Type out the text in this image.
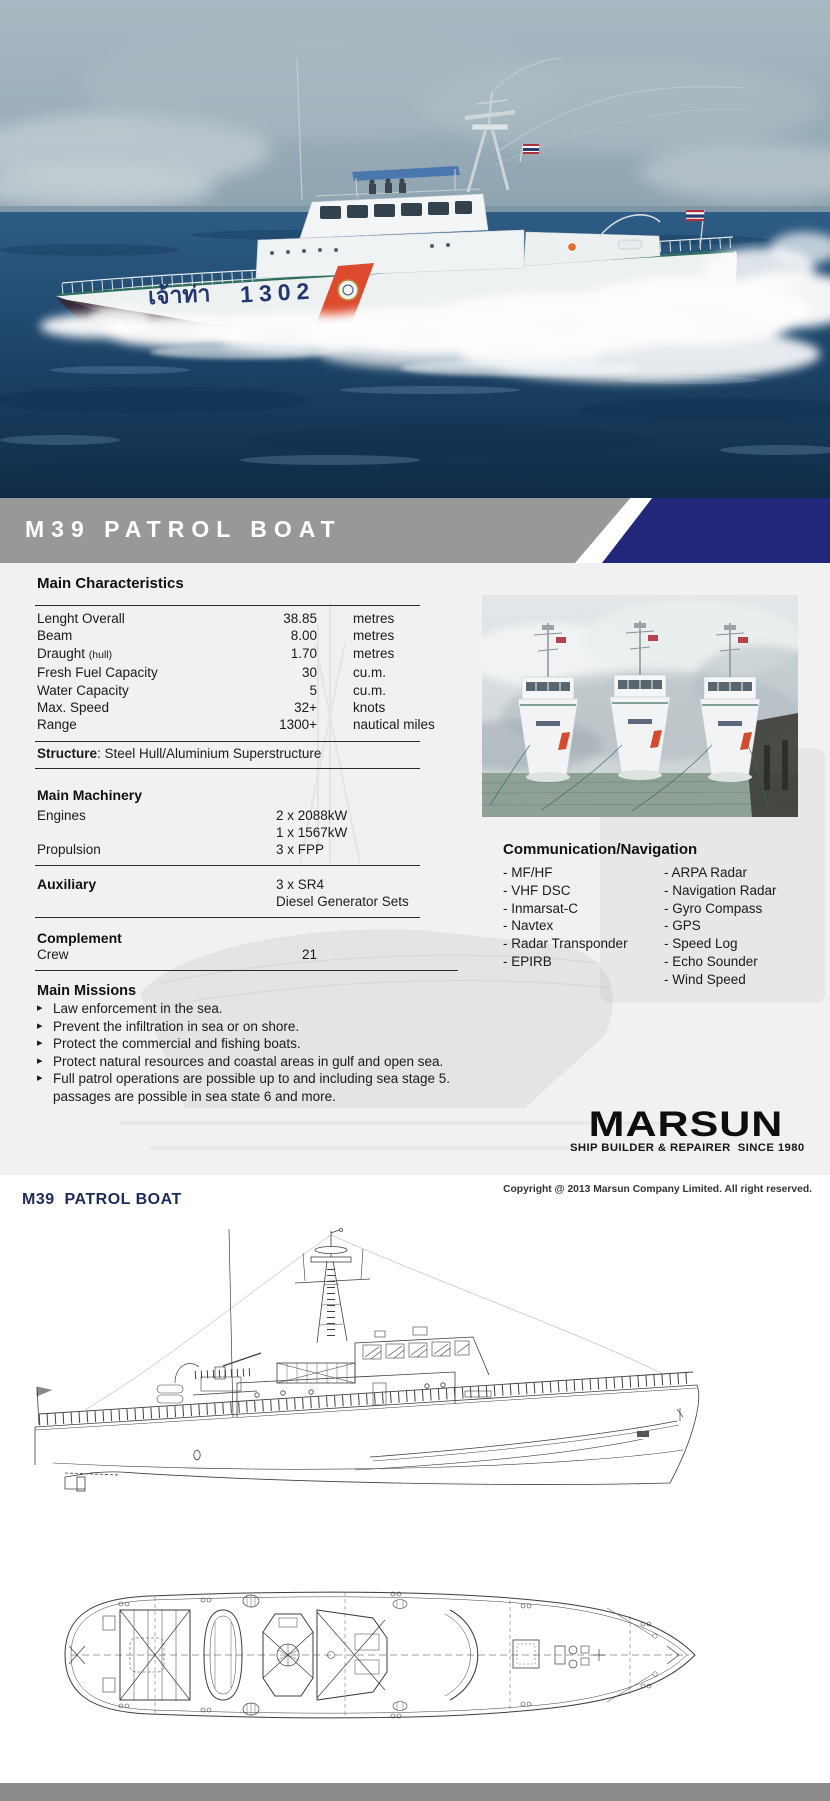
เจ้าท่า 1302
M39 PATROL BOAT
Main Characteristics
Lenght Overall	38.85	metres
Beam	8.00	metres
Draught (hull)	1.70	metres
Fresh Fuel Capacity	30	cu.m.
Water Capacity	5	cu.m.
Max. Speed	32+	knots
Range	1300+	nautical miles
Structure: Steel Hull/Aluminium Superstructure
Main Machinery
Engines	2 x 2088kW
1 x 1567kW
Propulsion	3 x FPP
Auxiliary	3 x SR4
Diesel Generator Sets
Complement
Crew	21
Main Missions
▸ Law enforcement in the sea.
▸ Prevent the infiltration in sea or on shore.
▸ Protect the commercial and fishing boats.
▸ Protect natural resources and coastal areas in gulf and open sea.
▸ Full patrol operations are possible up to and including sea stage 5. passages are possible in sea state 6 and more.
Communication/Navigation
- MF/HF
- VHF DSC
- Inmarsat-C
- Navtex
- Radar Transponder
- EPIRB
- ARPA Radar
- Navigation Radar
- Gyro Compass
- GPS
- Speed Log
- Echo Sounder
- Wind Speed
MARSUN
SHIP BUILDER & REPAIRER  SINCE 1980
Copyright @ 2013 Marsun Company Limited. All right reserved.
M39  PATROL BOAT
